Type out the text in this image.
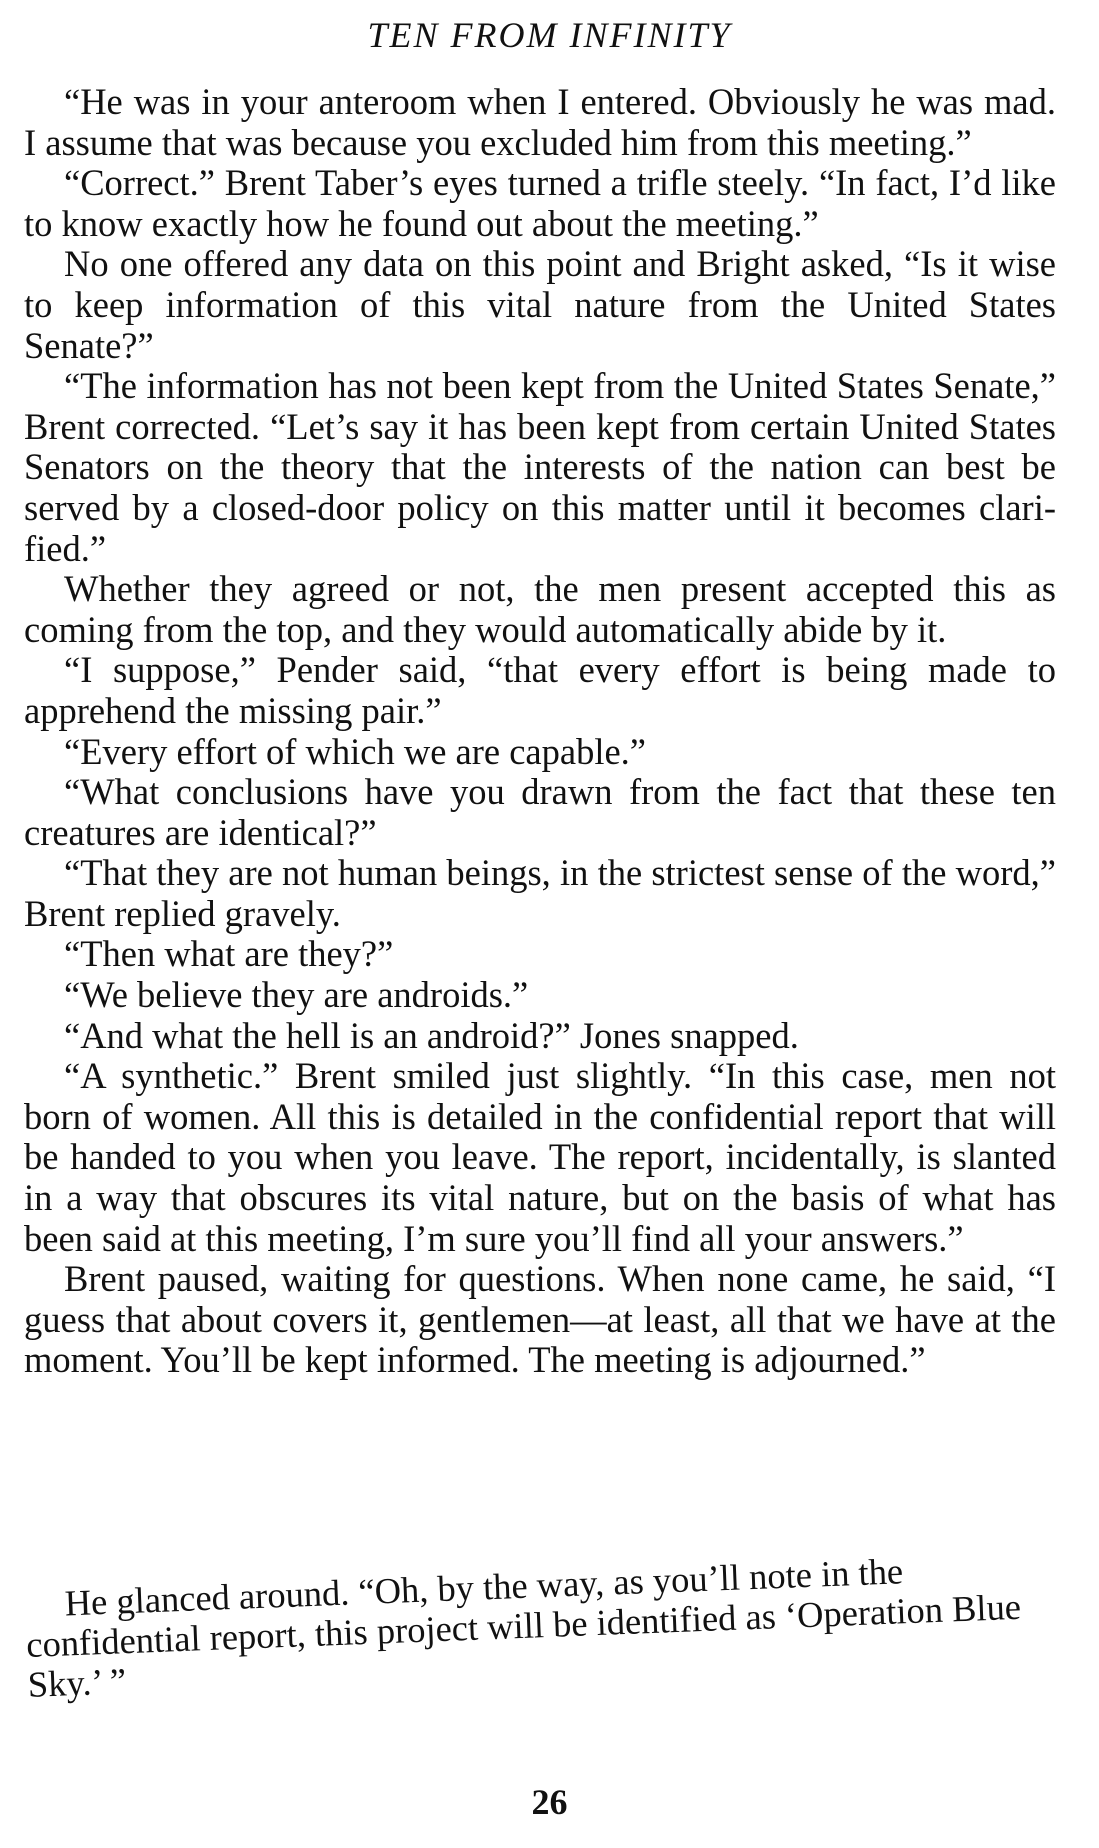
TEN FROM INFINITY

“He was in your anteroom when I entered. Obviously he was mad. I assume that was because you excluded him from this meeting.”

“Correct.” Brent Taber’s eyes turned a trifle steely. “In fact, I’d like to know exactly how he found out about the meeting.”

No one offered any data on this point and Bright asked, “Is it wise to keep information of this vital nature from the United States Senate?”

“The information has not been kept from the United States Senate,” Brent corrected. “Let’s say it has been kept from certain United States Senators on the theory that the interests of the nation can best be served by a closed-door policy on this matter until it becomes clarified.”

Whether they agreed or not, the men present accepted this as coming from the top, and they would automatically abide by it.

“I suppose,” Pender said, “that every effort is being made to apprehend the missing pair.”

“Every effort of which we are capable.”

“What conclusions have you drawn from the fact that these ten creatures are identical?”

“That they are not human beings, in the strictest sense of the word,” Brent replied gravely.

“Then what are they?”

“We believe they are androids.”

“And what the hell is an android?” Jones snapped.

“A synthetic.” Brent smiled just slightly. “In this case, men not born of women. All this is detailed in the confidential report that will be handed to you when you leave. The report, incidentally, is slanted in a way that obscures its vital nature, but on the basis of what has been said at this meeting, I’m sure you’ll find all your answers.”

Brent paused, waiting for questions. When none came, he said, “I guess that about covers it, gentlemen—at least, all that we have at the moment. You’ll be kept informed. The meeting is adjourned.”

He glanced around. “Oh, by the way, as you’ll note in the confidential report, this project will be identified as ‘Operation Blue Sky.’ ”

26
